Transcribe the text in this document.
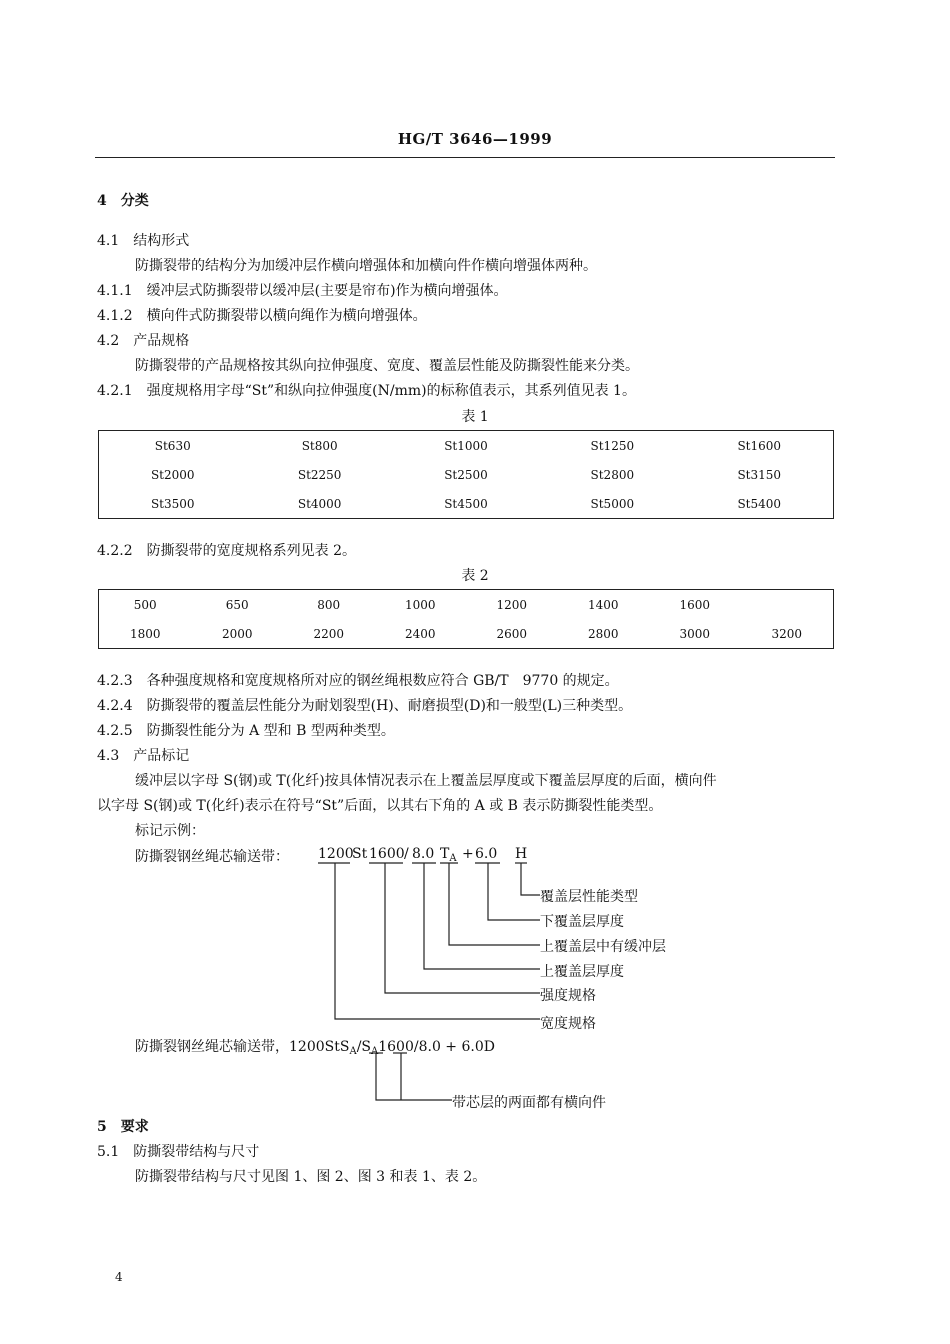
HG/T 3646—1999
4　分类
4.1　结构形式
防撕裂带的结构分为加缓冲层作横向增强体和加横向件作横向增强体两种。
4.1.1　缓冲层式防撕裂带以缓冲层(主要是帘布)作为横向增强体。
4.1.2　横向件式防撕裂带以横向绳作为横向增强体。
4.2　产品规格
防撕裂带的产品规格按其纵向拉伸强度、宽度、覆盖层性能及防撕裂性能来分类。
4.2.1　强度规格用字母“St”和纵向拉伸强度(N/mm)的标称值表示，其系列值见表 1。
表 1
St630	St800	St1000	St1250	St1600
St2000	St2250	St2500	St2800	St3150
St3500	St4000	St4500	St5000	St5400
4.2.2　防撕裂带的宽度规格系列见表 2。
表 2
500	650	800	1000	1200	1400	1600	
1800	2000	2200	2400	2600	2800	3000	3200
4.2.3　各种强度规格和宽度规格所对应的钢丝绳根数应符合 GB/T　9770 的规定。
4.2.4　防撕裂带的覆盖层性能分为耐划裂型(H)、耐磨损型(D)和一般型(L)三种类型。
4.2.5　防撕裂性能分为 A 型和 B 型两种类型。
4.3　产品标记
缓冲层以字母 S(钢)或 T(化纤)按具体情况表示在上覆盖层厚度或下覆盖层厚度的后面，横向件
以字母 S(钢)或 T(化纤)表示在符号“St”后面，以其右下角的 A 或 B 表示防撕裂性能类型。
标记示例：
防撕裂钢丝绳芯输送带： 1200
St 1600 / 8.0 $T_A + 6.0$ H
覆盖层性能类型
下覆盖层厚度
上覆盖层中有缓冲层
上覆盖层厚度
强度规格
宽度规格
防撕裂钢丝绳芯输送带，$1200StS_A/S_A1600/8.0 + 6.0D$
带芯层的两面都有横向件
5　要求
5.1　防撕裂带结构与尺寸
防撕裂带结构与尺寸见图 1、图 2、图 3 和表 1、表 2。
4
